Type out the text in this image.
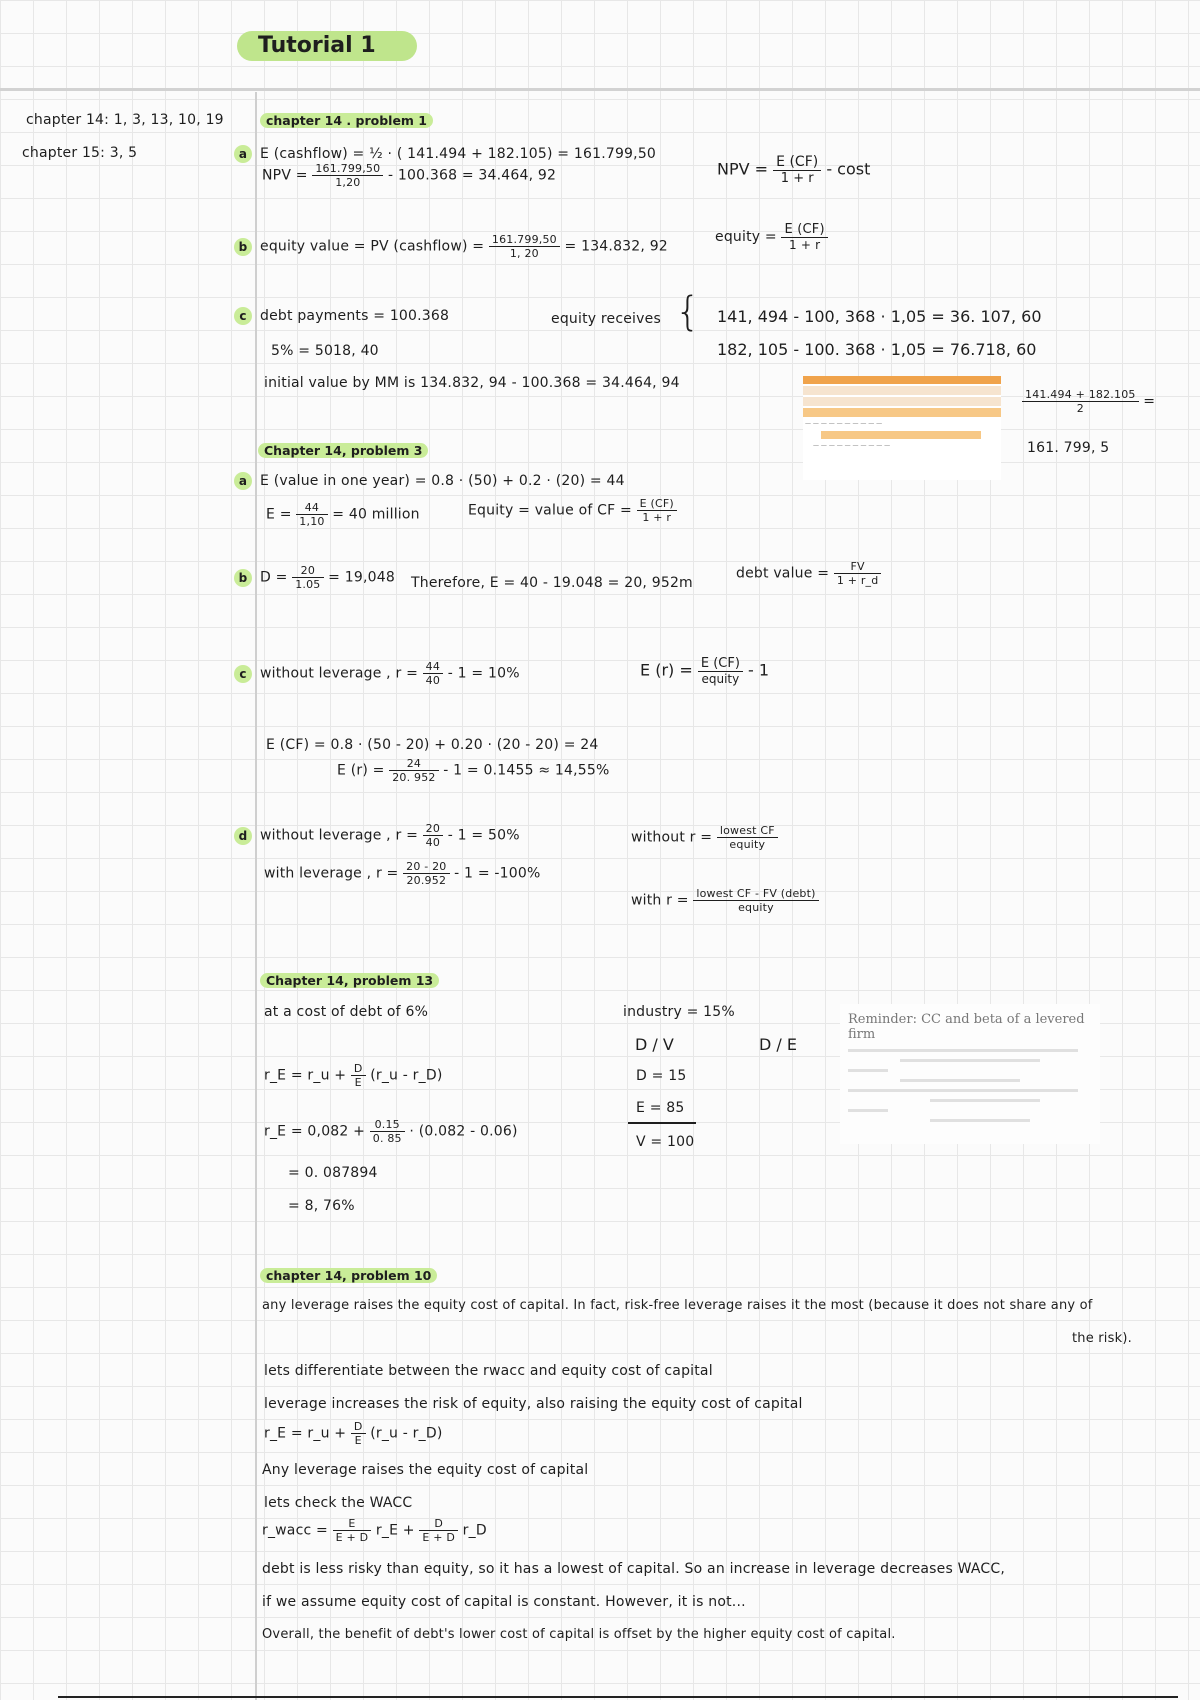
Tutorial 1
chapter 14: 1, 3, 13, 10, 19
chapter 15: 3, 5
chapter 14 . problem 1
a E (cashflow) = ½ · ( 141.494 + 182.105) = 161.799,50
NPV = $\frac{161.799,50}{1,20} - 100.368 = 34.464$, 92	NPV = $\frac{E (CF)}{1 + r}$ - cost
b equity value = PV (cashflow) = $\frac{161.799,50}{1, 20} = 134.832$, 92
equity = $\frac{E (CF)}{1 + r}$
c debt payments = 100.368
5% = 5018, 40
equity receives { 141, 494 - 100, 368 · 1,05 = 36. 107, 60
182, 105 - 100. 368 · 1,05 = 76.718, 60
initial value by MM is 134.832, 94 - 100.368 = 34.464, 94
— — — — — — — — — —
— — — — — — — — — —
$\frac{141.494 + 182.105}{2}$ =
161. 799, 5
Chapter 14, problem 3
a E (value in one year) = 0.8 · (50) + 0.2 · (20) = 44
$E = \frac{44}{1,10} = 40$ million	Equity = value of CF = $\frac{E (CF)}{1 + r}$
b $D = \frac{20}{1.05} = 19,048$ Therefore, E = 40 - 19.048 = 20, 952m
debt value = $\frac{FV}{1 + r\_d}$
c without leverage , $r = \frac{44}{40} - 1 = 10\%$	E $(r) = \frac{E (CF)}{\text{equity}} - 1$
E (CF) = 0.8 · (50 - 20) + 0.20 · (20 - 20) = 24
E $(r) = \frac{24}{20. 952} - 1 = 0.1455 \approx 14,55\%$
d without leverage , $r = \frac{20}{40} - 1 = 50\%$
with leverage , $r = \frac{20 - 20}{20.952} - 1 = -100\%$
without $r = \frac{\text{lowest CF}}{\text{equity}}$
with $r = \frac{\text{lowest CF - FV (debt)}}{\text{equity}}$
Chapter 14, problem 13
at a cost of debt of 6%
r_E = r_u + $\frac{D}{E}$ (r_u - r_D)
r_E = $0,082 + \frac{0.15}{0. 85} \cdot (0.082 - 0.06)$
= 0. 087894
= 8, 76%
industry = 15%
D / V	D / E
D = 15
E = 85
V = 100
Reminder: CC and beta of a levered firm
chapter 14, problem 10
any leverage raises the equity cost of capital. In fact, risk-free leverage raises it the most (because it does not share any of
the risk).
lets differentiate between the rwacc and equity cost of capital
leverage increases the risk of equity, also raising the equity cost of capital
r_E = r_u + $\frac{D}{E}$ (r_u - r_D)
Any leverage raises the equity cost of capital
lets check the WACC
r_wacc = $\frac{E}{E + D}$ r_E + $\frac{D}{E + D}$ r_D
debt is less risky than equity, so it has a lowest of capital. So an increase in leverage decreases WACC,
if we assume equity cost of capital is constant. However, it is not...
Overall, the benefit of debt's lower cost of capital is offset by the higher equity cost of capital.
